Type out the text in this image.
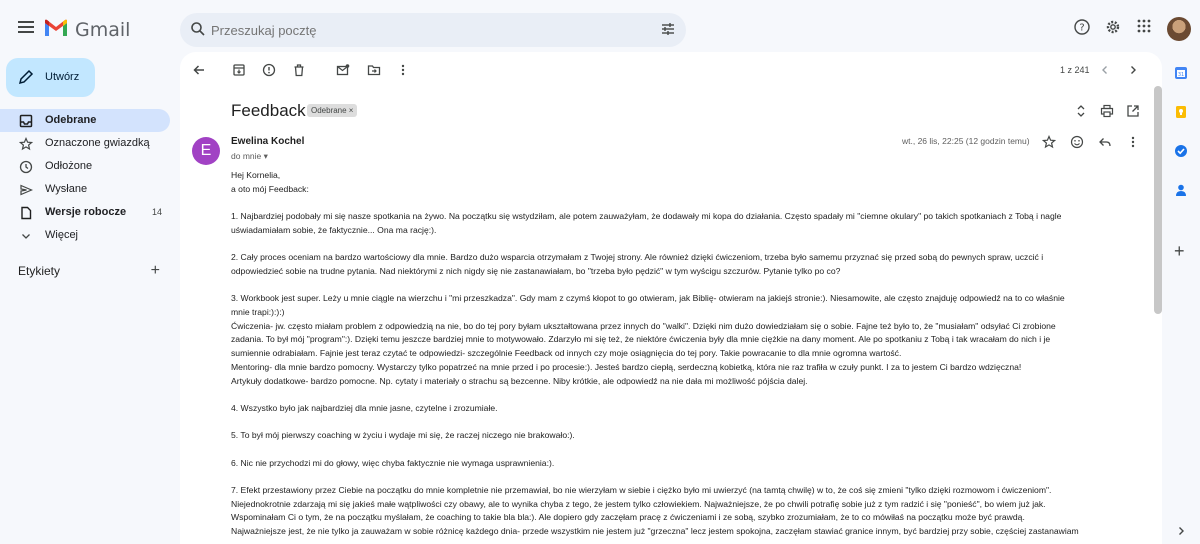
Gmail
Przeszukaj pocztę	?
Utwórz
Odebrane
Oznaczone gwiazdką
Odłożone
Wysłane
Wersje robocze	14
Więcej
Etykiety	+
1 z 241
Feedback Odebrane ×
E
Ewelina Kochel
do mnie ▾
wt., 26 lis, 22:25 (12 godzin temu)

Hej Kornelia,

a oto mój Feedback:

1. Najbardziej podobały mi się nasze spotkania na żywo. Na początku się wstydziłam, ale potem zauważyłam, że dodawały mi kopa do działania. Często spadały mi "ciemne okulary" po takich spotkaniach z Tobą i nagle

uświadamiałam sobie, że faktycznie... Ona ma rację:).

2. Cały proces oceniam na bardzo wartościowy dla mnie. Bardzo dużo wsparcia otrzymałam z Twojej strony. Ale również dzięki ćwiczeniom, trzeba było samemu przyznać się przed sobą do pewnych spraw, uczcić i

odpowiedzieć sobie na trudne pytania. Nad niektórymi z nich nigdy się nie zastanawiałam, bo "trzeba było pędzić" w tym wyścigu szczurów. Pytanie tylko po co?

3. Workbook jest super. Leży u mnie ciągle na wierzchu i "mi przeszkadza". Gdy mam z czymś kłopot to go otwieram, jak Biblię- otwieram na jakiejś stronie:). Niesamowite, ale często znajduję odpowiedź na to co właśnie

mnie trapi:):):)

Ćwiczenia- jw. często miałam problem z odpowiedzią na nie, bo do tej pory byłam ukształtowana przez innych do "walki". Dzięki nim dużo dowiedziałam się o sobie. Fajne też było to, że "musiałam" odsyłać Ci zrobione

zadania. To był mój "program":). Dzięki temu jeszcze bardziej mnie to motywowało. Zdarzyło mi się też, że niektóre ćwiczenia były dla mnie ciężkie na dany moment. Ale po spotkaniu z Tobą i tak wracałam do nich i je

sumiennie odrabiałam. Fajnie jest teraz czytać te odpowiedzi- szczególnie Feedback od innych czy moje osiągnięcia do tej pory. Takie powracanie to dla mnie ogromna wartość.

Mentoring- dla mnie bardzo pomocny. Wystarczy tylko popatrzeć na mnie przed i po procesie:). Jesteś bardzo ciepłą, serdeczną kobietką, która nie raz trafiła w czuły punkt. I za to jestem Ci bardzo wdzięczna!

Artykuły dodatkowe- bardzo pomocne. Np. cytaty i materiały o strachu są bezcenne. Niby krótkie, ale odpowiedź na nie dała mi możliwość pójścia dalej.

4. Wszystko było jak najbardziej dla mnie jasne, czytelne i zrozumiałe.

5. To był mój pierwszy coaching w życiu i wydaje mi się, że raczej niczego nie brakowało:).

6. Nic nie przychodzi mi do głowy, więc chyba faktycznie nie wymaga usprawnienia:).

7. Efekt przestawiony przez Ciebie na początku do mnie kompletnie nie przemawiał, bo nie wierzyłam w siebie i ciężko było mi uwierzyć (na tamtą chwilę) w to, że coś się zmieni "tylko dzięki rozmowom i ćwiczeniom".

Niejednokrotnie zdarzają mi się jakieś małe wątpliwości czy obawy, ale to wynika chyba z tego, że jestem tylko człowiekiem. Najważniejsze, że po chwili potrafię sobie już z tym radzić i się "ponieść", bo wiem już jak.

Wspominałam Ci o tym, że na początku myślałam, że coaching to takie bla bla:). Ale dopiero gdy zaczęłam pracę z ćwiczeniami i ze sobą, szybko zrozumiałam, że to co mówiłaś na początku może być prawdą.

Najważniejsze jest, że nie tylko ja zauważam w sobie różnicę każdego dnia- przede wszystkim nie jestem już "grzeczna" lecz jestem spokojna, zaczęłam stawiać granice innym, być bardziej przy sobie, częściej zastanawiam

31
+
